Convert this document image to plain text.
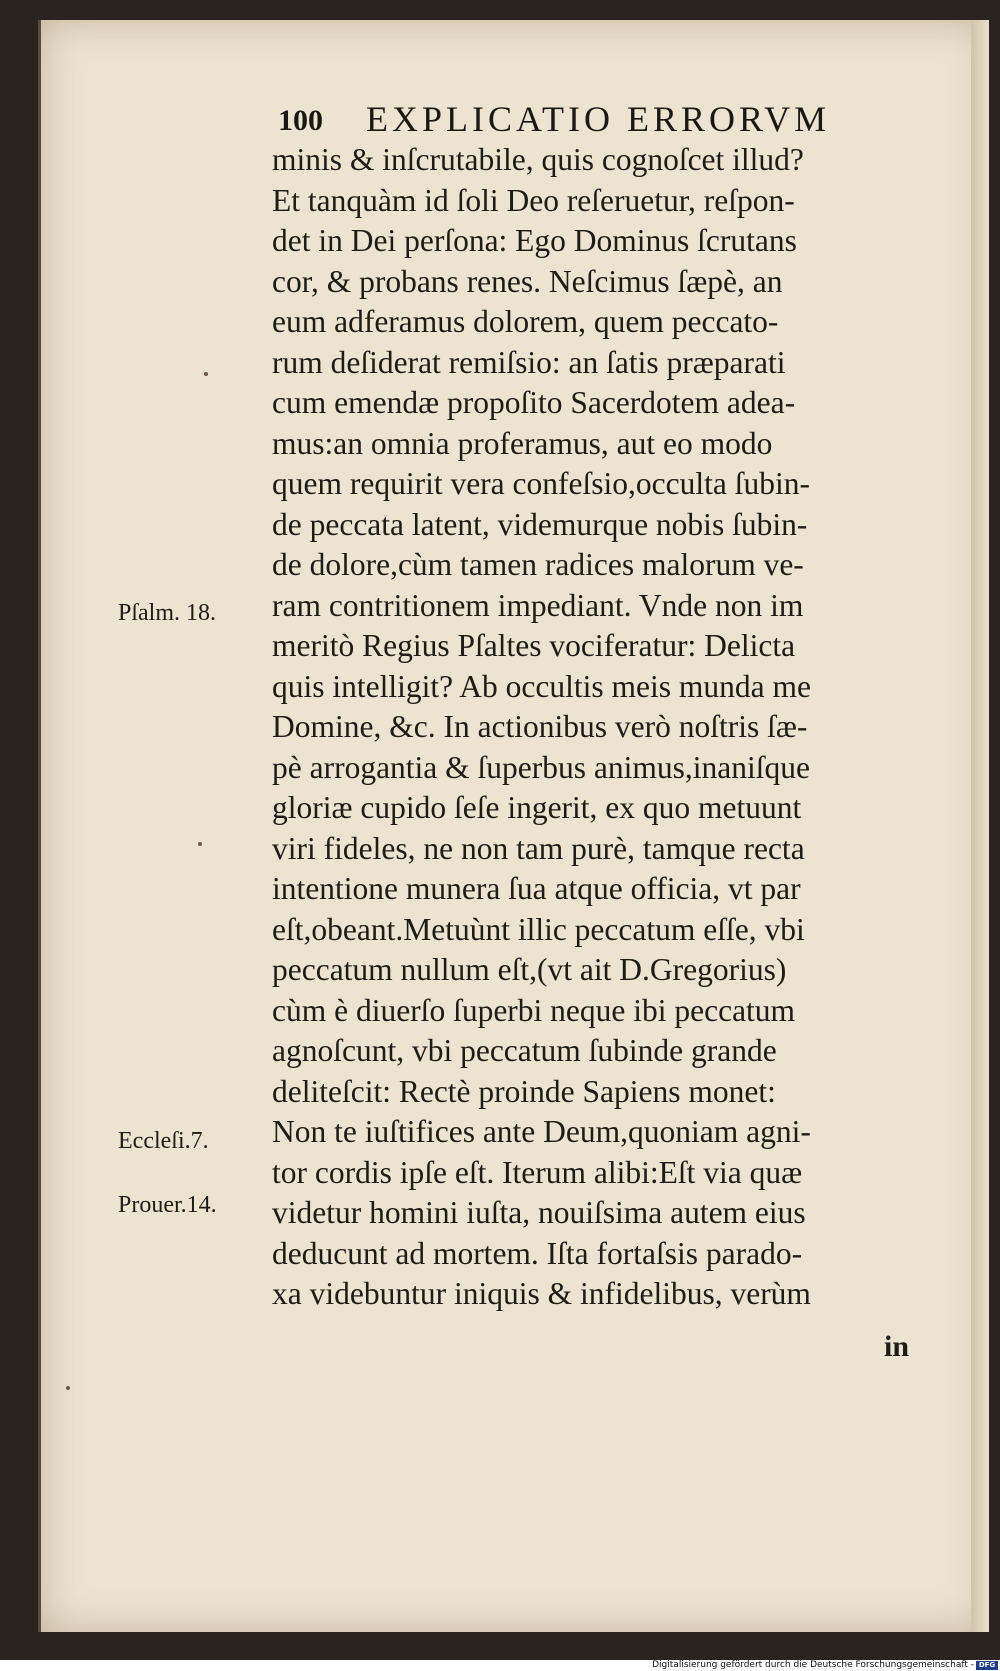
100 EXPLICATIO ERRORVM
minis & inſcrutabile, quis cognoſcet illud?
Et tanquàm id ſoli Deo reſeruetur, reſpon-
det in Dei perſona: Ego Dominus ſcrutans
cor, & probans renes. Neſcimus ſæpè, an
eum adferamus dolorem, quem peccato-
rum deſiderat remiſsio: an ſatis præparati
cum emendæ propoſito Sacerdotem adea-
mus:an omnia proferamus, aut eo modo
quem requirit vera confeſsio,occulta ſubin-
de peccata latent, videmurque nobis ſubin-
de dolore,cùm tamen radices malorum ve-
ram contritionem impediant. Vnde non im
meritò Regius Pſaltes vociferatur: Delicta
quis intelligit? Ab occultis meis munda me
Domine, &c. In actionibus verò noſtris ſæ-
pè arrogantia & ſuperbus animus,inaniſque
gloriæ cupido ſeſe ingerit, ex quo metuunt
viri fideles, ne non tam purè, tamque recta
intentione munera ſua atque officia, vt par
eſt,obeant.Metuùnt illic peccatum eſſe, vbi
peccatum nullum eſt,(vt ait D.Gregorius)
cùm è diuerſo ſuperbi neque ibi peccatum
agnoſcunt, vbi peccatum ſubinde grande
deliteſcit: Rectè proinde Sapiens monet:
Non te iuſtifices ante Deum,quoniam agni-
tor cordis ipſe eſt. Iterum alibi:Eſt via quæ
videtur homini iuſta, nouiſsima autem eius
deducunt ad mortem. Iſta fortaſsis parado-
xa videbuntur iniquis & infidelibus, verùm
Pſalm. 18.
Eccleſi.7.
Prouer.14.
in
Digitalisierung gefördert durch die Deutsche Forschungsgemeinschaft - DFG
